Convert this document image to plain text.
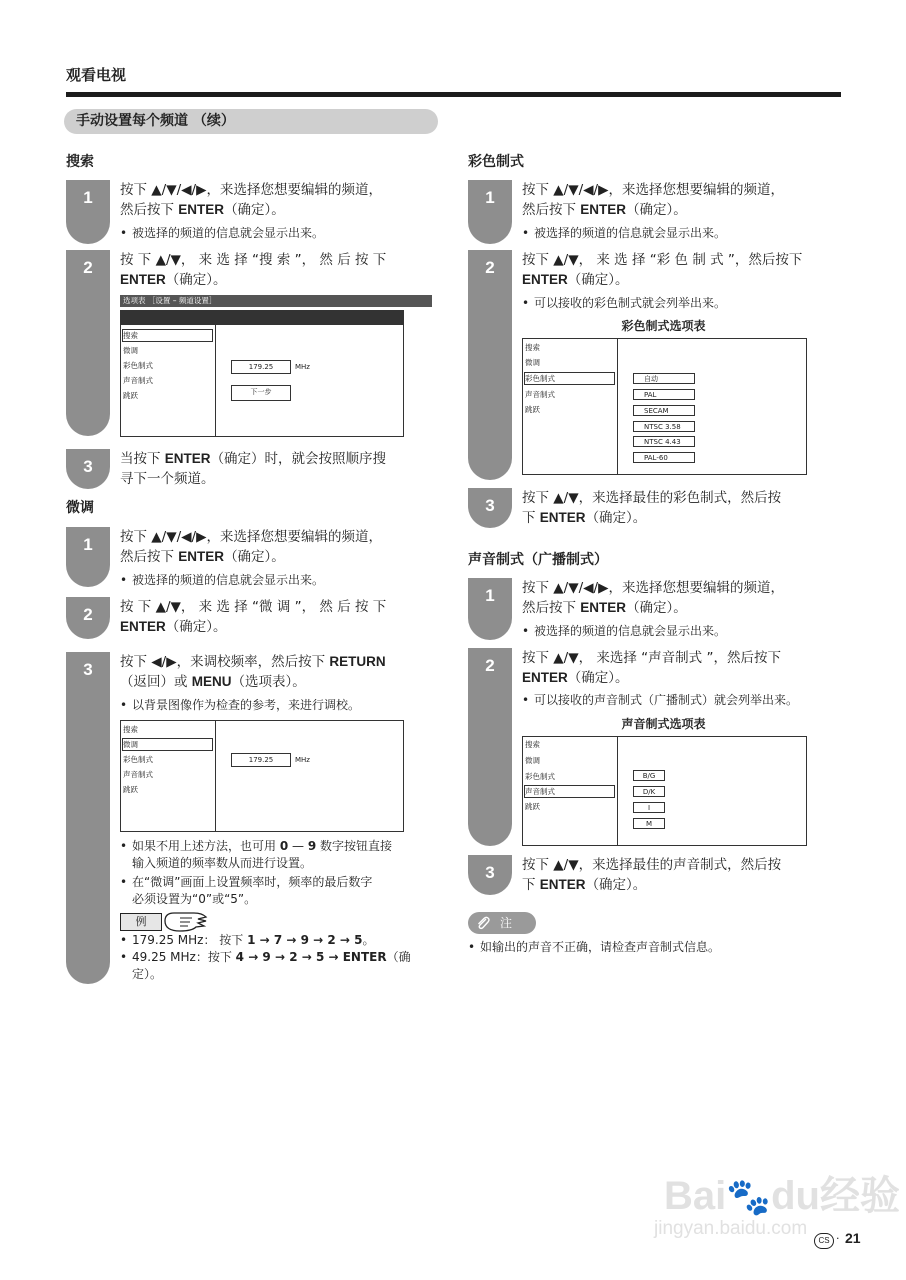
观看电视
手动设置每个频道 （续）
搜索
1	按下 ▲/▼/◀/▶，来选择您想要编辑的频道，
然后按下 ENTER（确定）。
• 被选择的频道的信息就会显示出来。
2	按 下 ▲/▼， 来 选 择 “搜 索 ”， 然 后 按 下
ENTER（确定）。
选项表 ［设置 – 频道设置］
搜索
微调
彩色制式
声音制式
跳跃
179.25	MHz
下一步
3	当按下 ENTER（确定）时，就会按照顺序搜
寻下一个频道。
微调
1	按下 ▲/▼/◀/▶，来选择您想要编辑的频道，
然后按下 ENTER（确定）。
• 被选择的频道的信息就会显示出来。
2	按 下 ▲/▼， 来 选 择 “微 调 ”， 然 后 按 下
ENTER（确定）。
3	按下 ◀/▶，来调校频率，然后按下 RETURN
（返回）或 MENU（选项表）。
• 以背景图像作为检查的参考，来进行调校。
搜索
微调
彩色制式
声音制式
跳跃
179.25	MHz
• 如果不用上述方法，也可用 0 — 9 数字按钮直接
输入频道的频率数从而进行设置。
• 在“微调”画面上设置频率时，频率的最后数字
必须设置为“0”或“5”。
例
• 179.25 MHz： 按下 1 → 7 → 9 → 2 → 5。
• 49.25 MHz：按下 4 → 9 → 2 → 5 → ENTER（确
定）。
彩色制式
1	按下 ▲/▼/◀/▶，来选择您想要编辑的频道，
然后按下 ENTER（确定）。
• 被选择的频道的信息就会显示出来。
2	按下 ▲/▼， 来 选 择 “彩 色 制 式 ”，然后按下
ENTER（确定）。
• 可以接收的彩色制式就会列举出来。
彩色制式选项表
搜索
微调
彩色制式
声音制式
跳跃
自动
PAL
SECAM
NTSC 3.58
NTSC 4.43
PAL-60
3	按下 ▲/▼，来选择最佳的彩色制式，然后按
下 ENTER（确定）。
声音制式（广播制式）
1	按下 ▲/▼/◀/▶，来选择您想要编辑的频道，
然后按下 ENTER（确定）。
• 被选择的频道的信息就会显示出来。
2	按下 ▲/▼， 来选择 “声音制式 ”，然后按下
ENTER（确定）。
• 可以接收的声音制式（广播制式）就会列举出来。
声音制式选项表
搜索
微调
彩色制式
声音制式
跳跃
B/G
D/K
I
M
3	按下 ▲/▼，来选择最佳的声音制式，然后按
下 ENTER（确定）。
注
• 如输出的声音不正确，请检查声音制式信息。
Bai🐾du经验
jingyan.baidu.com
CS · 21
